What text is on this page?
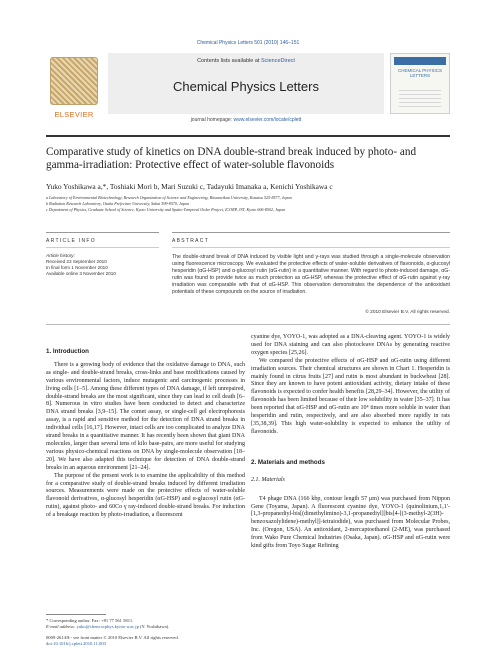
Chemical Physics Letters 501 (2010) 146–151
ELSEVIER
Contents lists available at ScienceDirect
Chemical Physics Letters
journal homepage: www.elsevier.com/locate/cplett
CHEMICAL PHYSICS LETTERS
Comparative study of kinetics on DNA double-strand break induced by photo- and gamma-irradiation: Protective effect of water-soluble flavonoids
Yuko Yoshikawa a,*, Toshiaki Mori b, Mari Suzuki c, Tadayuki Imanaka a, Kenichi Yoshikawa c
a Laboratory of Environmental Biotechnology, Research Organization of Science and Engineering, Ritsumeikan University, Kusatsu 525-8577, Japan
b Radiation Research Laboratory, Osaka Prefecture University, Sakai 599-8570, Japan
c Department of Physics, Graduate School of Science, Kyoto University and Spatio-Temporal Order Project, ICORP, JST, Kyoto 606-8502, Japan
ARTICLE INFO	ABSTRACT
Article history:
Received 23 September 2010
In final form 1 November 2010
Available online 3 November 2010
The double-strand break of DNA induced by visible light and γ-rays was studied through a single-molecule observation using fluorescence microscopy. We evaluated the protective effects of water-soluble derivatives of flavonoids, α-glucosyl hesperidin (αG-HSP) and α-glucosyl rutin (αG-rutin) in a quantitative manner. With regard to photo-induced damage, αG-rutin was found to provide twice as much protection as αG-HSP, whereas the protective effect of αG-rutin against γ-ray irradiation was comparable with that of αG-HSP. This observation demonstrates the dependence of the antioxidant potentials of these compounds on the source of irradiation.
© 2010 Elsevier B.V. All rights reserved.
1. Introduction

There is a growing body of evidence that the oxidative damage to DNA, such as single- and double-strand breaks, cross-links and base modifications caused by various environmental factors, induce mutagenic and carcinogenic processes in living cells [1–5]. Among these different types of DNA damage, if left unrepaired, double-strand breaks are the most significant, since they can lead to cell death [6–8]. Numerous in vitro studies have been conducted to detect and characterize DNA strand breaks [3,9–15]. The comet assay, or single-cell gel electrophoresis assay, is a rapid and sensitive method for the detection of DNA strand breaks in individual cells [16,17]. However, intact cells are too complicated to analyze DNA strand breaks in a quantitative manner. It has recently been shown that giant DNA molecules, larger than several tens of kilo base-pairs, are more useful for studying various physico-chemical reactions on DNA by single-molecule observation [18–20]. We have also adapted this technique for detection of DNA double-strand breaks in an aqueous environment [21–24].

The purpose of the present work is to examine the applicability of this method for a comparative study of double-strand breaks induced by different irradiation sources. Measurements were made on the protective effects of water-soluble flavonoid derivatives, α-glucosyl hesperidin (αG-HSP) and α-glucosyl rutin (αG-rutin), against photo- and 60Co γ ray-induced double-strand breaks. For induction of a breakage reaction by photo-irradiation, a fluorescent

cyanine dye, YOYO-1, was adopted as a DNA-cleaving agent. YOYO-1 is widely used for DNA staining and can also photocleave DNAs by generating reactive oxygen species [25,26].

We compared the protective effects of αG-HSP and αG-rutin using different irradiation sources. Their chemical structures are shown in Chart 1. Hesperidin is mainly found in citrus fruits [27] and rutin is most abundant in buckwheat [28]. Since they are known to have potent antioxidant activity, dietary intake of these flavonoids is expected to confer health benefits [28,29–34]. However, the utility of flavonoids has been limited because of their low solubility in water [35–37]. It has been reported that αG-HSP and αG-rutin are 10⁴ times more soluble in water than hesperidin and rutin, respectively, and are also absorbed more rapidly in rats [35,38,39]. This high water-solubility is expected to enhance the utility of flavonoids.

2. Materials and methods
2.1. Materials

T4 phage DNA (166 kbp, contour length 57 μm) was purchased from Nippon Gene (Toyama, Japan). A fluorescent cyanine dye, YOYO-1 (quinolinium,1,1′-[1,3-propanediyl-bis[(dimethylimino)-3,1-propanediyl]]bis[4-[(3-methyl-2(3H)-benzoxazolylidene)-methyl]]-tetraiodide), was purchased from Molecular Probes, Inc. (Oregon, USA). An antioxidant, 2-mercaptoethanol (2-ME), was purchased from Wako Pure Chemical Industries (Osaka, Japan). αG-HSP and αG-rutin were kind gifts from Toyo Sugar Refining

* Corresponding author. Fax: +81 77 561 5811.
E-mail address: yuko@chem.scphys.kyoto-u.ac.jp (Y. Yoshikawa).
0009-2614/$ - see front matter © 2010 Elsevier B.V. All rights reserved.
doi:10.1016/j.cplett.2010.11.003
